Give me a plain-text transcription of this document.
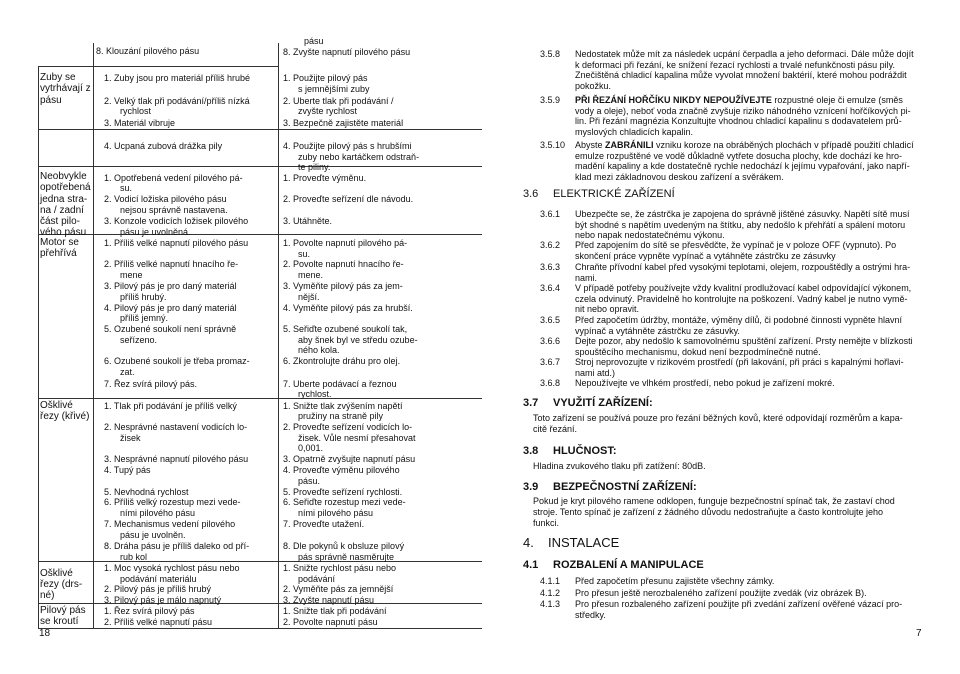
8. Klouzání pilového pásu
pásu
8. Zvyšte napnutí pilového pásu
Zuby se
vytrhávají z
pásu
1. Zuby jsou pro materiál příliš hrubé
2. Velký tlak při podávání/příliš nízká
rychlost
3. Materiál vibruje
1. Použijte pilový pás
s jemnějšími zuby
2. Uberte tlak při podávání /
zvyšte rychlost
3. Bezpečně zajistěte materiál
4. Ucpaná zubová drážka pily	4. Použijte pilový pás s hrubšími
zuby nebo kartáčkem odstraň-
te piliny.
Neobvykle
opotřebená
jedna stra-
na / zadní
část pilo-
vého pásu
1. Opotřebená vedení pilového pá-
su.
2. Vodicí ložiska pilového pásu
nejsou správně nastavena.
3. Konzole vodicích ložisek pilového
pásu je uvolněná.
1. Proveďte výměnu.
2. Proveďte seřízení dle návodu.
3. Utáhněte.
Motor se
přehřívá
1. Příliš velké napnutí pilového pásu
2. Příliš velké napnutí hnacího ře-
mene
3. Pilový pás je pro daný materiál
příliš hrubý.
4. Pilový pás je pro daný materiál
příliš jemný.
5. Ozubené soukolí není správně
seřízeno.
6. Ozubené soukolí je třeba promaz-
zat.
7. Řez svírá pilový pás.
1. Povolte napnutí pilového pá-
su.
2. Povolte napnutí hnacího ře-
mene.
3. Vyměňte pilový pás za jem-
nější.
4. Vyměňte pilový pás za hrubší.
5. Seřiďte ozubené soukolí tak,
aby šnek byl ve středu ozube-
ného kola.
6. Zkontrolujte dráhu pro olej.
7. Uberte podávací a řeznou
rychlost.
Ošklivé
řezy (křivé)
1. Tlak při podávání je příliš velký
2. Nesprávné nastavení vodicích lo-
žisek
3. Nesprávné napnutí pilového pásu
4. Tupý pás
5. Nevhodná rychlost
6. Příliš velký rozestup mezi vede-
ními pilového pásu
7. Mechanismus vedení pilového
pásu je uvolněn.
8. Dráha pásu je příliš daleko od pří-
rub kol
1. Snižte tlak zvýšením napětí
pružiny na straně pily
2. Proveďte seřízení vodicích lo-
žisek. Vůle nesmí přesahovat
0,001.
3. Opatrně zvyšujte napnutí pásu
4. Proveďte výměnu pilového
pásu.
5. Proveďte seřízení rychlosti.
6. Seřiďte rozestup mezi vede-
ními pilového pásu
7. Proveďte utažení.
8. Dle pokynů k obsluze pilový
pás správně nasměrujte
Ošklivé
řezy (drs-
né)
1. Moc vysoká rychlost pásu nebo
podávání materiálu
2. Pilový pás je příliš hrubý
3. Pilový pás je málo napnutý
1. Snižte rychlost pásu nebo
podávání
2. Vyměňte pás za jemnější
3. Zvyšte napnutí pásu
Pilový pás
se kroutí
1. Řez svírá pilový pás
2. Příliš velké napnutí pásu
1. Snižte tlak při podávání
2. Povolte napnutí pásu
18
3.5.8 Nedostatek může mít za následek ucpání čerpadla a jeho deformaci. Dále může dojít
k deformaci při řezání, ke snížení řezací rychlosti a trvalé nefunkčnosti pásu pily.
Znečištěná chladicí kapalina může vyvolat množení baktérií, které mohou podráždit
pokožku.
3.5.9 PŘI ŘEZÁNÍ HOŘČÍKU NIKDY NEPOUŽÍVEJTE rozpustné oleje či emulze (směs
vody a oleje), neboť voda značně zvyšuje riziko náhodného vznícení hořčíkových pi-
lin. Při řezání magnézia Konzultujte vhodnou chladicí kapalinu s dodavatelem prů-
myslových chladicích kapalin.
3.5.10 Abyste ZABRÁNILI vzniku koroze na obráběných plochách v případě použití chladicí
emulze rozpuštěné ve vodě důkladně vytřete dosucha plochy, kde dochází ke hro-
madění kapaliny a kde dostatečně rychle nedochází k jejímu vypařování, jako napří-
klad mezi základnovou deskou zařízení a svěrákem.
3.6 ELEKTRICKÉ ZAŘÍZENÍ
3.6.1 Ubezpečte se, že zástrčka je zapojena do správně jištěné zásuvky. Napětí sítě musí
být shodné s napětím uvedeným na štítku, aby nedošlo k přehřátí a spálení motoru
nebo napak nedostatečnému výkonu.
3.6.2 Před zapojením do sítě se přesvědčte, že vypínač je v poloze OFF (vypnuto). Po
skončení práce vypněte vypínač a vytáhněte zástrčku ze zásuvky
3.6.3 Chraňte přívodní kabel před vysokými teplotami, olejem, rozpouštědly a ostrými hra-
nami.
3.6.4 V případě potřeby používejte vždy kvalitní prodlužovací kabel odpovídající výkonem,
czela odvinutý. Pravidelně ho kontrolujte na poškození. Vadný kabel je nutno vymě-
nit nebo opravit.
3.6.5 Před započetím údržby, montáže, výměny dílů, či podobné činnosti vypněte hlavní
vypínač a vytáhněte zástrčku ze zásuvky.
3.6.6 Dejte pozor, aby nedošlo k samovolnému spuštění zařízení. Prsty nemějte v blízkosti
spouštěcího mechanismu, dokud není bezpodmínečně nutné.
3.6.7 Stroj neprovozujte v rizikovém prostředí (při lakování, při práci s kapalnými hořlavi-
nami atd.)
3.6.8 Nepoužívejte ve vlhkém prostředí, nebo pokud je zařízení mokré.
3.7 VYUŽITÍ ZAŘÍZENÍ:
Toto zařízení se používá pouze pro řezání běžných kovů, které odpovídají rozměrům a kapa-
citě řezání.
3.8 HLUČNOST:
Hladina zvukového tlaku při zatížení: 80dB.
3.9 BEZPEČNOSTNÍ ZAŘÍZENÍ:
Pokud je kryt pilového ramene odklopen, funguje bezpečnostní spínač tak, že zastaví chod
stroje. Tento spínač je zařízení z žádného důvodu nedostraňujte a často kontrolujte jeho
funkci.
4. INSTALACE
4.1 ROZBALENÍ A MANIPULACE
4.1.1 Před započetím přesunu zajistěte všechny zámky.
4.1.2 Pro přesun ještě nerozbaleného zařízení použijte zvedák (viz obrázek B).
4.1.3 Pro přesun rozbaleného zařízení použijte při zvedání zařízení ověřené vázací pro-
středky.
7
